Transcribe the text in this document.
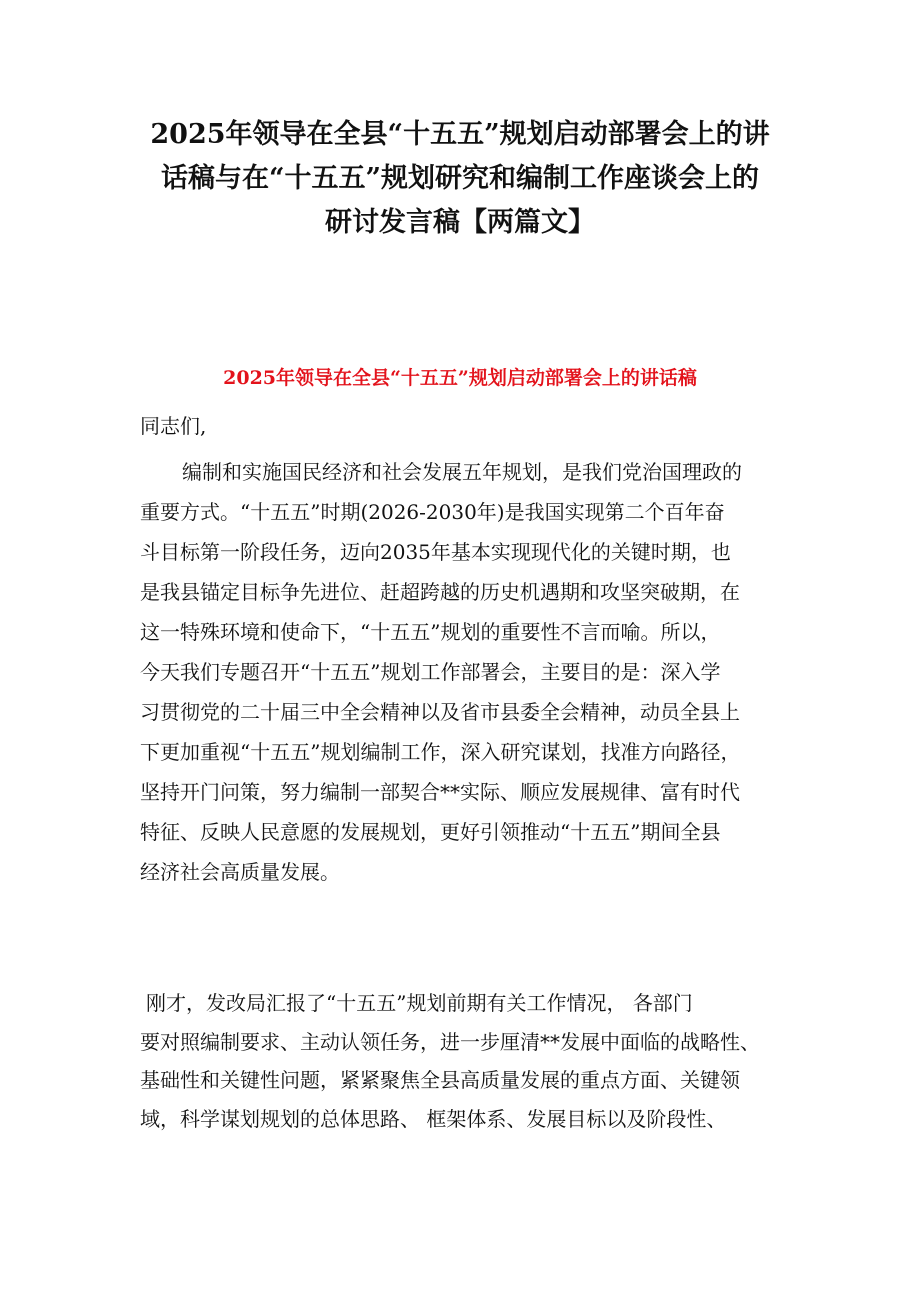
2025年领导在全县“十五五”规划启动部署会上的讲
话稿与在“十五五”规划研究和编制工作座谈会上的
研讨发言稿【两篇文】
2025年领导在全县“十五五”规划启动部署会上的讲话稿

同志们,

编制和实施国民经济和社会发展五年规划，是我们党治国理政的
重要方式。“十五五”时期(2026-2030年)是我国实现第二个百年奋
斗目标第一阶段任务，迈向2035年基本实现现代化的关键时期，也
是我县锚定目标争先进位、赶超跨越的历史机遇期和攻坚突破期，在
这一特殊环境和使命下，“十五五”规划的重要性不言而喻。所以，
今天我们专题召开“十五五”规划工作部署会，主要目的是：深入学
习贯彻党的二十届三中全会精神以及省市县委全会精神，动员全县上
下更加重视“十五五”规划编制工作，深入研究谋划，找准方向路径，
坚持开门问策，努力编制一部契合**实际、顺应发展规律、富有时代
特征、反映人民意愿的发展规划，更好引领推动“十五五”期间全县
经济社会高质量发展。
刚才，发改局汇报了“十五五”规划前期有关工作情况， 各部门
要对照编制要求、主动认领任务，进一步厘清**发展中面临的战略性、
基础性和关键性问题，紧紧聚焦全县高质量发展的重点方面、关键领
域，科学谋划规划的总体思路、 框架体系、发展目标以及阶段性、
